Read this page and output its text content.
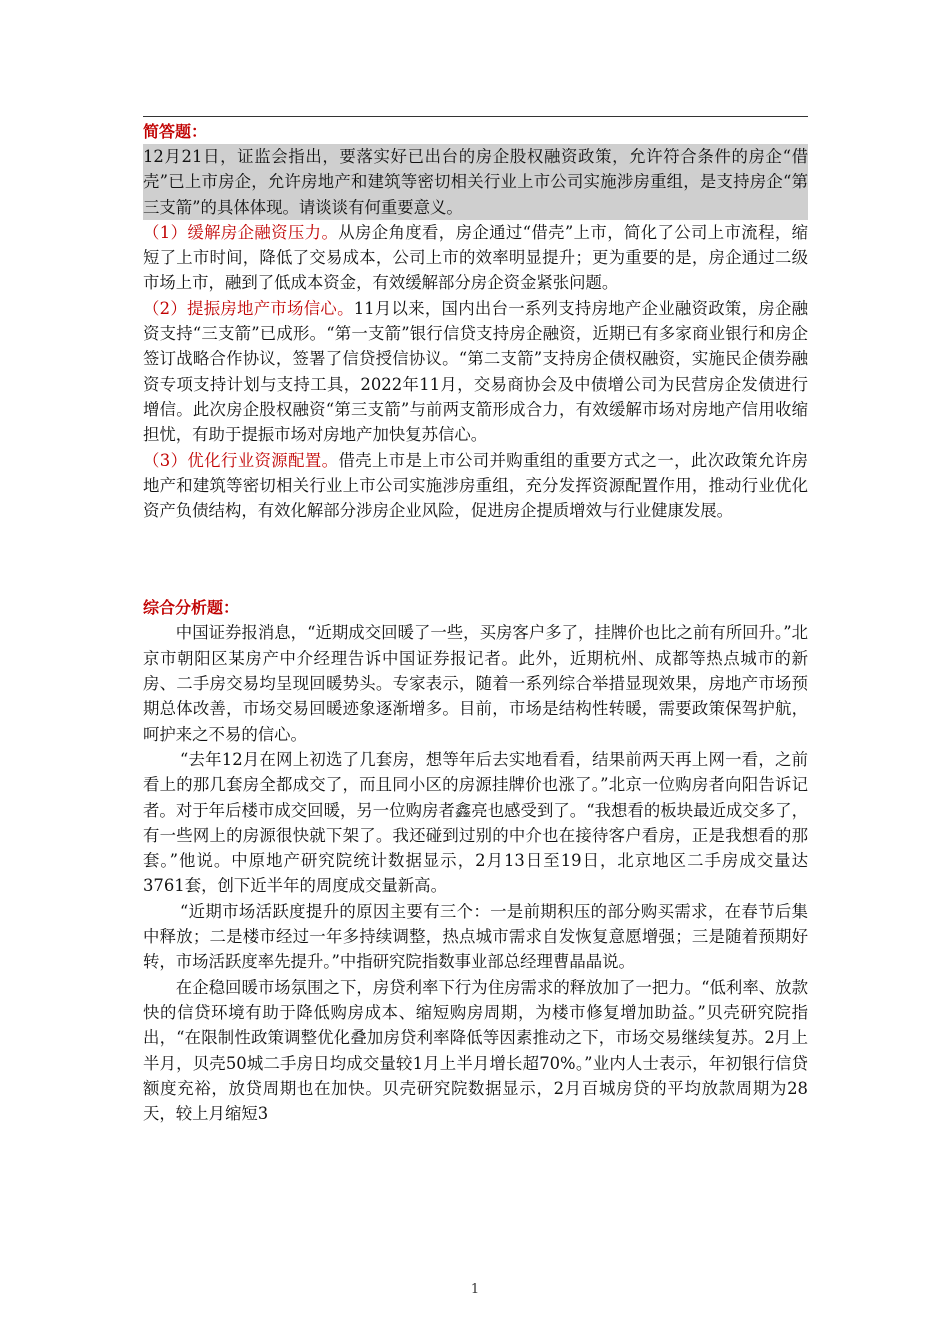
简答题：

12月21日，证监会指出，要落实好已出台的房企股权融资政策，允许符合条件的房企“借壳”已上市房企，允许房地产和建筑等密切相关行业上市公司实施涉房重组，是支持房企“第三支箭”的具体体现。请谈谈有何重要意义。

（1）缓解房企融资压力。从房企角度看，房企通过“借壳”上市，简化了公司上市流程，缩短了上市时间，降低了交易成本，公司上市的效率明显提升；更为重要的是，房企通过二级市场上市，融到了低成本资金，有效缓解部分房企资金紧张问题。

（2）提振房地产市场信心。11月以来，国内出台一系列支持房地产企业融资政策，房企融资支持“三支箭”已成形。“第一支箭”银行信贷支持房企融资，近期已有多家商业银行和房企签订战略合作协议，签署了信贷授信协议。“第二支箭”支持房企债权融资，实施民企债券融资专项支持计划与支持工具，2022年11月，交易商协会及中债增公司为民营房企发债进行增信。此次房企股权融资“第三支箭”与前两支箭形成合力，有效缓解市场对房地产信用收缩担忧，有助于提振市场对房地产加快复苏信心。

（3）优化行业资源配置。借壳上市是上市公司并购重组的重要方式之一，此次政策允许房地产和建筑等密切相关行业上市公司实施涉房重组，充分发挥资源配置作用，推动行业优化资产负债结构，有效化解部分涉房企业风险，促进房企提质增效与行业健康发展。

综合分析题：

中国证券报消息，“近期成交回暖了一些，买房客户多了，挂牌价也比之前有所回升。”北京市朝阳区某房产中介经理告诉中国证券报记者。此外，近期杭州、成都等热点城市的新房、二手房交易均呈现回暖势头。专家表示，随着一系列综合举措显现效果，房地产市场预期总体改善，市场交易回暖迹象逐渐增多。目前，市场是结构性转暖，需要政策保驾护航，呵护来之不易的信心。

“去年12月在网上初选了几套房，想等年后去实地看看，结果前两天再上网一看，之前看上的那几套房全都成交了，而且同小区的房源挂牌价也涨了。”北京一位购房者向阳告诉记者。对于年后楼市成交回暖，另一位购房者鑫亮也感受到了。“我想看的板块最近成交多了，有一些网上的房源很快就下架了。我还碰到过别的中介也在接待客户看房，正是我想看的那套。”他说。中原地产研究院统计数据显示，2月13日至19日，北京地区二手房成交量达3761套，创下近半年的周度成交量新高。

“近期市场活跃度提升的原因主要有三个：一是前期积压的部分购买需求，在春节后集中释放；二是楼市经过一年多持续调整，热点城市需求自发恢复意愿增强；三是随着预期好转，市场活跃度率先提升。”中指研究院指数事业部总经理曹晶晶说。

在企稳回暖市场氛围之下，房贷利率下行为住房需求的释放加了一把力。“低利率、放款快的信贷环境有助于降低购房成本、缩短购房周期，为楼市修复增加助益。”贝壳研究院指出，“在限制性政策调整优化叠加房贷利率降低等因素推动之下，市场交易继续复苏。2月上半月，贝壳50城二手房日均成交量较1月上半月增长超70%。”业内人士表示，年初银行信贷额度充裕，放贷周期也在加快。贝壳研究院数据显示，2月百城房贷的平均放款周期为28天，较上月缩短3

1
